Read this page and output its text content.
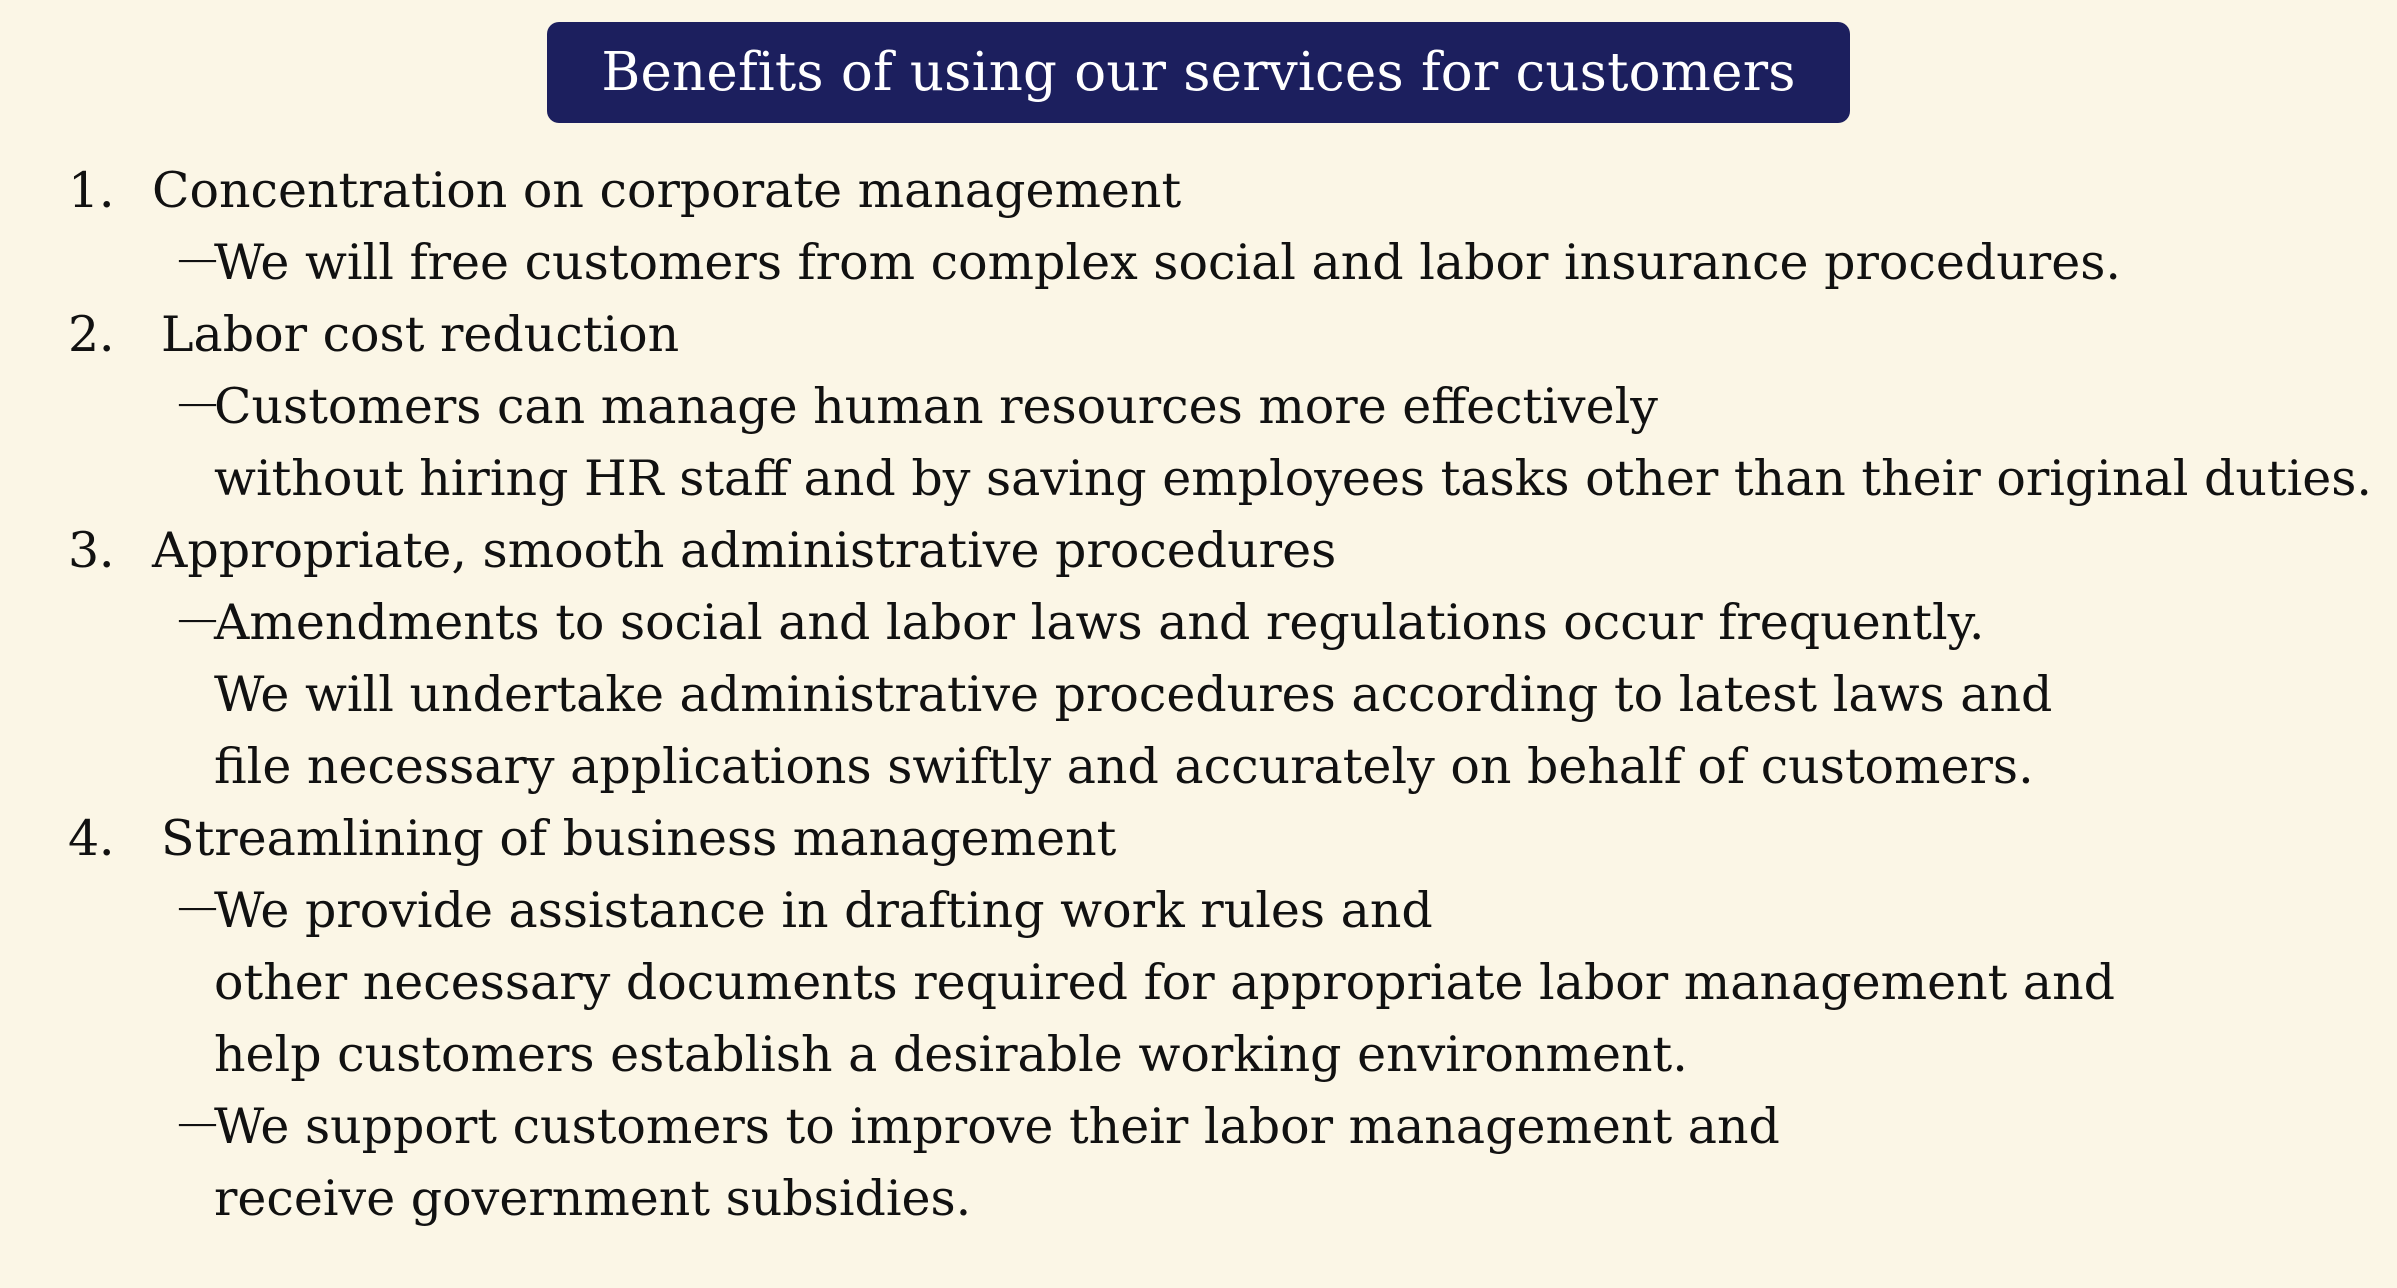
Benefits of using our services for customers
1． Concentration on corporate management
－
We will free customers from complex social and labor insurance procedures.
2． Labor cost reduction
－
Customers can manage human resources more effectively
without hiring HR staff and by saving employees tasks other than their original duties.
3． Appropriate, smooth administrative procedures
－
Amendments to social and labor laws and regulations occur frequently.
We will undertake administrative procedures according to latest laws and
file necessary applications swiftly and accurately on behalf of customers.
4． Streamlining of business management
－
We provide assistance in drafting work rules and
other necessary documents required for appropriate labor management and
help customers establish a desirable working environment.
－
We support customers to improve their labor management and
receive government subsidies.
